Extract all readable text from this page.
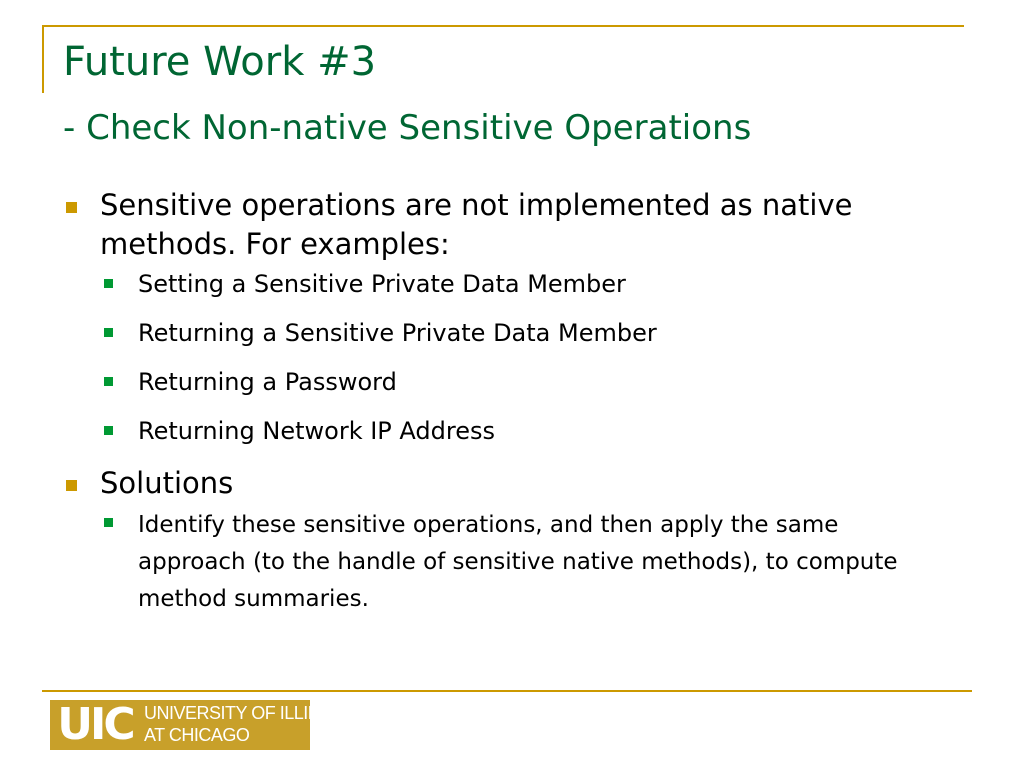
Future Work #3
- Check Non-native Sensitive Operations
Sensitive operations are not implemented as native methods. For examples:
Setting a Sensitive Private Data Member
Returning a Sensitive Private Data Member
Returning a Password
Returning Network IP Address
Solutions
Identify these sensitive operations, and then apply the same approach (to the handle of sensitive native methods), to compute method summaries.
UIC UNIVERSITY OF ILLINOIS
AT CHICAGO
